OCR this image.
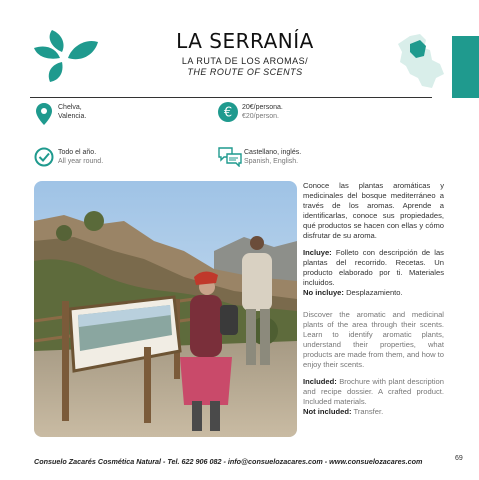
LA SERRANÍA
LA RUTA DE LOS AROMAS/
THE ROUTE OF SCENTS
Chelva,
Valencia.	€ 20€/persona.
€20/person.
Todo el año.
All year round.
Castellano, inglés.
Spanish, English.

Conoce las plantas aromáticas y medicinales del bosque mediterráneo a través de los aromas. Aprende a identificarlas, conoce sus propiedades, qué productos se hacen con ellas y cómo disfrutar de su aroma.

Incluye: Folleto con descripción de las plantas del recorrido. Recetas. Un producto elaborado por ti. Materiales incluidos.
No incluye: Desplazamiento.

Discover the aromatic and medicinal plants of the area through their scents. Learn to identify aromatic plants, understand their properties, what products are made from them, and how to enjoy their scents.

Included: Brochure with plant description and recipe dossier. A crafted product. Included materials.
Not included: Transfer.

Consuelo Zacarés Cosmética Natural - Tel. 622 906 082 - info@consuelozacares.com - www.consuelozacares.com	69
